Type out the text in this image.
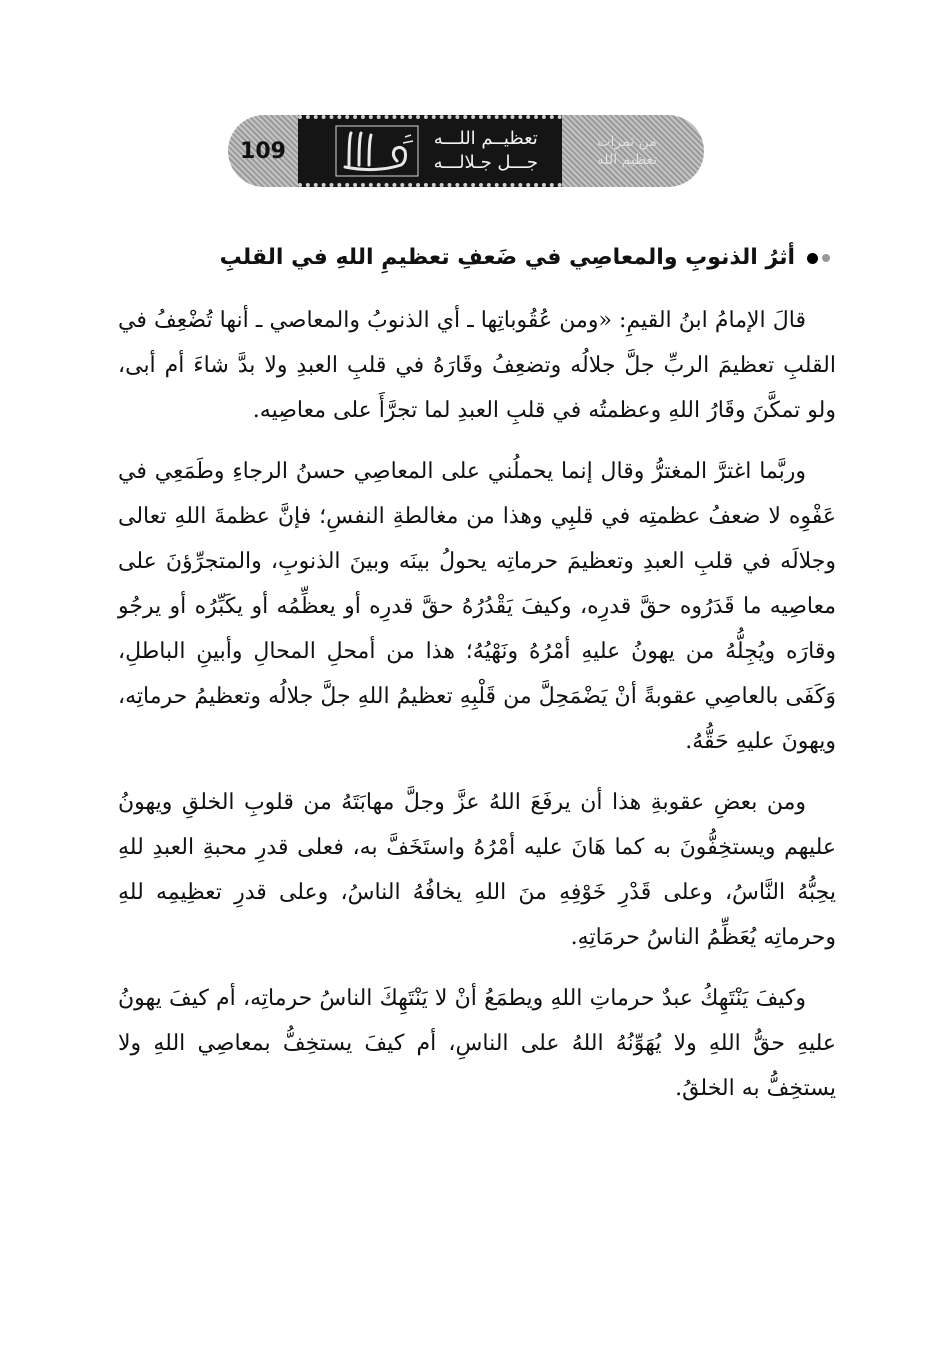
من ثمرات
تعظيم الله
تعظيــم اللـــه
جـــل جـلالـــه
109
أثرُ الذنوبِ والمعاصِي في ضَعفِ تعظيمِ اللهِ في القلبِ

قالَ الإمامُ ابنُ القيمِ: «ومن عُقُوباتِها ـ أي الذنوبُ والمعاصي ـ أنها تُضْعِفُ في القلبِ تعظيمَ الربِّ جلَّ جلالُه وتضعِفُ وقَارَهُ في قلبِ العبدِ ولا بدَّ شاءَ أم أبى، ولو تمكَّنَ وقَارُ اللهِ وعظمتُه في قلبِ العبدِ لما تجرَّأَ على معاصِيه.

وربَّما اغترَّ المغترُّ وقال إنما يحملُني على المعاصِي حسنُ الرجاءِ وطَمَعِي في عَفْوِه لا ضعفُ عظمتِه في قلبِي وهذا من مغالطةِ النفسِ؛ فإنَّ عظمةَ اللهِ تعالى وجلالَه في قلبِ العبدِ وتعظيمَ حرماتِه يحولُ بينَه وبينَ الذنوبِ، والمتجرِّؤنَ على معاصِيه ما قَدَرُوه حقَّ قدرِه، وكيفَ يَقْدُرُهُ حقَّ قدرِه أو يعظِّمُه أو يكَبِّرُه أو يرجُو وقارَه ويُجِلُّهُ من يهونُ عليهِ أمْرُهُ ونَهْيُهُ؛ هذا من أمحلِ المحالِ وأبينِ الباطلِ، وَكَفَى بالعاصِي عقوبةً أنْ يَضْمَحِلَّ من قَلْبِهِ تعظيمُ اللهِ جلَّ جلالُه وتعظيمُ حرماتِه، ويهونَ عليهِ حَقُّهُ.

ومن بعضِ عقوبةِ هذا أن يرفَعَ اللهُ عزَّ وجلَّ مهابَتَهُ من قلوبِ الخلقِ ويهونُ عليهم ويستخِفُّونَ به كما هَانَ عليه أمْرُهُ واستَخَفَّ به، فعلى قدرِ محبةِ العبدِ للهِ يحِبُّهُ النَّاسُ، وعلى قَدْرِ خَوْفِهِ منَ اللهِ يخافُهُ الناسُ، وعلى قدرِ تعظِيمِه للهِ وحرماتِه يُعَظِّمُ الناسُ حرمَاتِهِ.

وكيفَ يَنْتَهِكُ عبدٌ حرماتِ اللهِ ويطمَعُ أنْ لا يَنْتَهِكَ الناسُ حرماتِه، أم كيفَ يهونُ عليهِ حقُّ اللهِ ولا يُهَوِّنُهُ اللهُ على الناسِ، أم كيفَ يستخِفُّ بمعاصِي اللهِ ولا يستخِفُّ به الخلقُ.
